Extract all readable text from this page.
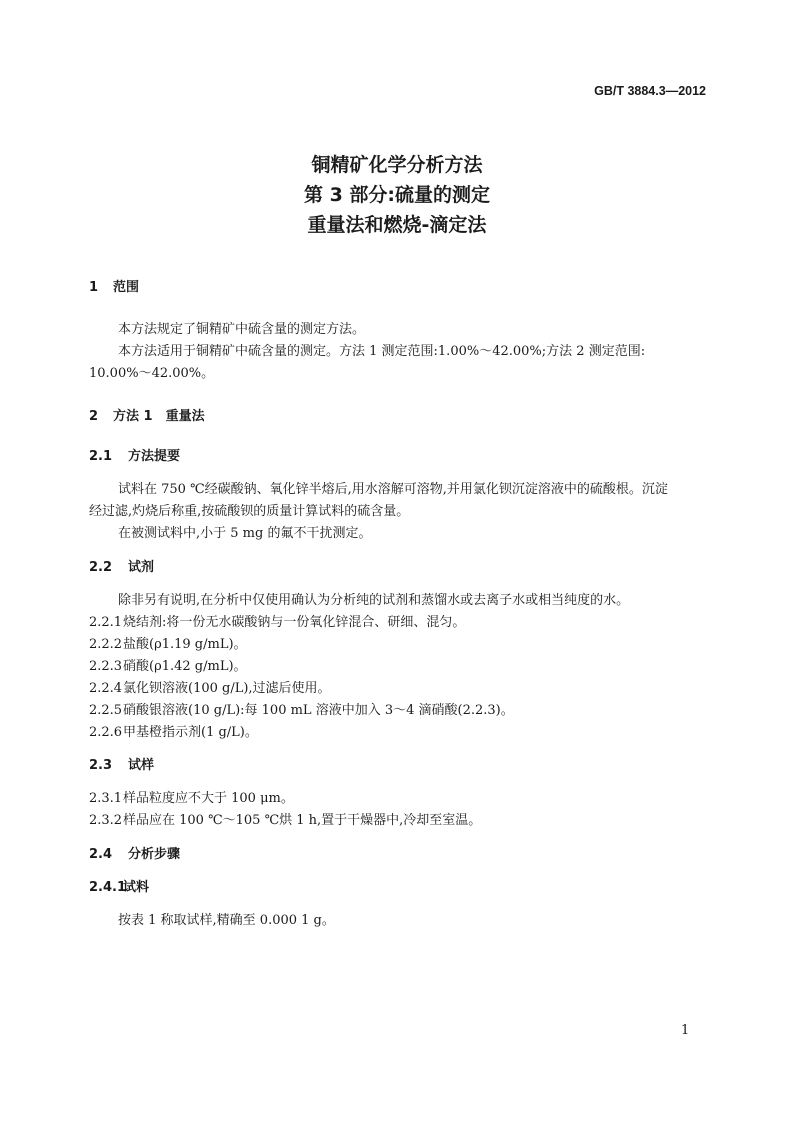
GB/T 3884.3—2012
铜精矿化学分析方法
第 3 部分:硫量的测定
重量法和燃烧-滴定法
1 范围
本方法规定了铜精矿中硫含量的测定方法。
本方法适用于铜精矿中硫含量的测定。方法 1 测定范围:1.00%～42.00%;方法 2 测定范围:
10.00%～42.00%。
2 方法 1　重量法
2.1 方法提要
试料在 750 ℃经碳酸钠、氧化锌半熔后,用水溶解可溶物,并用氯化钡沉淀溶液中的硫酸根。沉淀
经过滤,灼烧后称重,按硫酸钡的质量计算试料的硫含量。
在被测试料中,小于 5 mg 的氟不干扰测定。
2.2 试剂
除非另有说明,在分析中仅使用确认为分析纯的试剂和蒸馏水或去离子水或相当纯度的水。
2.2.1烧结剂:将一份无水碳酸钠与一份氧化锌混合、研细、混匀。
2.2.2盐酸(ρ1.19 g/mL)。
2.2.3硝酸(ρ1.42 g/mL)。
2.2.4氯化钡溶液(100 g/L),过滤后使用。
2.2.5硝酸银溶液(10 g/L):每 100 mL 溶液中加入 3～4 滴硝酸(2.2.3)。
2.2.6甲基橙指示剂(1 g/L)。
2.3 试样
2.3.1样品粒度应不大于 100 μm。
2.3.2样品应在 100 ℃～105 ℃烘 1 h,置于干燥器中,冷却至室温。
2.4 分析步骤
2.4.1试料
按表 1 称取试样,精确至 0.000 1 g。
1
